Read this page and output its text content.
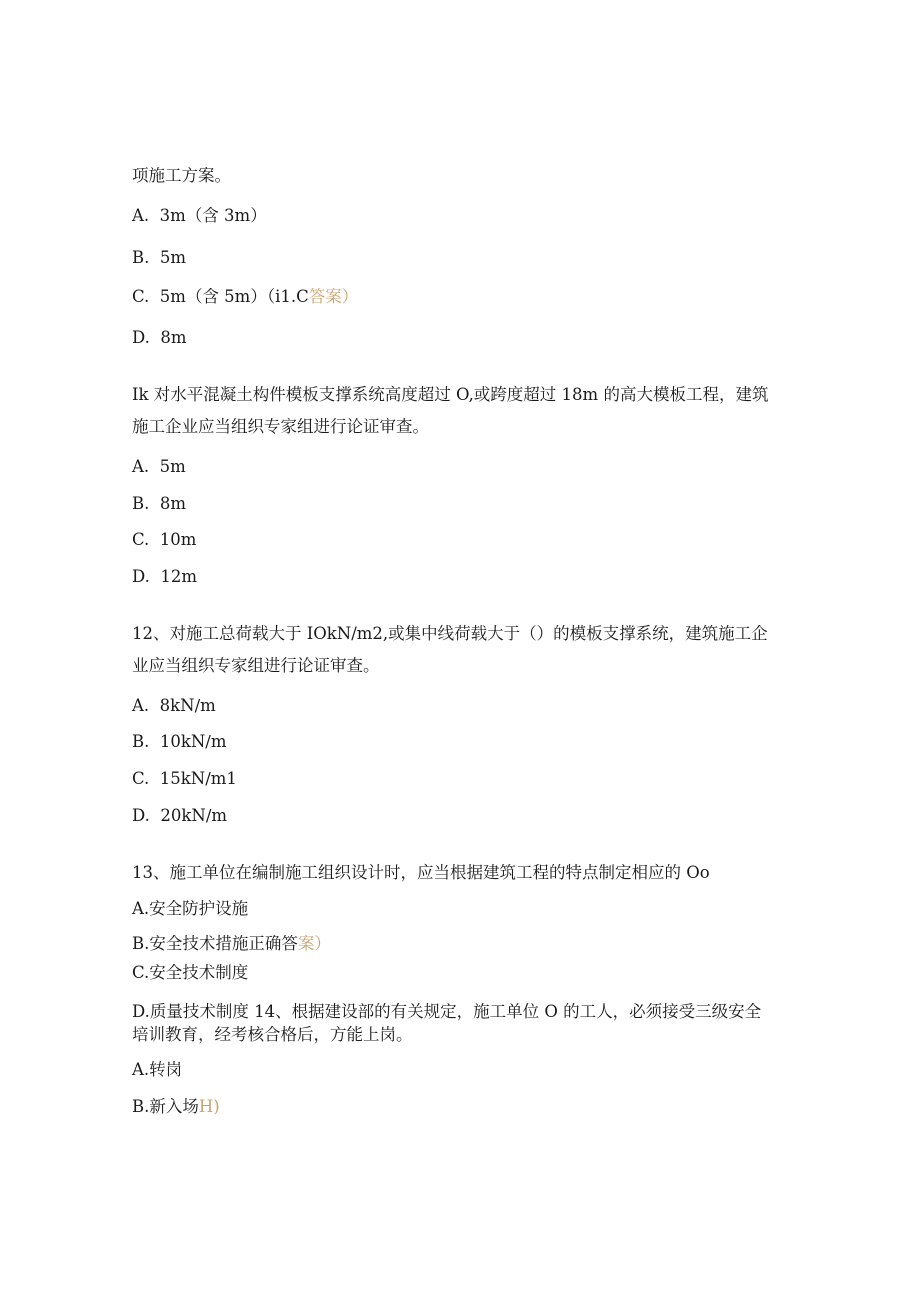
项施工方案。

A. 3m（含 3m）

B. 5m

C. 5m（含 5m）（i1.C答案）

D. 8m

Ik 对水平混凝土构件模板支撑系统高度超过 O,或跨度超过 18m 的高大模板工程，建筑

施工企业应当组织专家组进行论证审查。

A. 5m

B. 8m

C. 10m

D. 12m

12、对施工总荷载大于 IOkN/m2,或集中线荷载大于（）的模板支撑系统，建筑施工企

业应当组织专家组进行论证审查。

A. 8kN∕m

B. 10kN∕m

C. 15kN∕m1

D. 20kN∕m

13、施工单位在编制施工组织设计时，应当根据建筑工程的特点制定相应的 Oo

A.安全防护设施

B.安全技术措施正确答案）

C.安全技术制度

D.质量技术制度 14、根据建设部的有关规定，施工单位 O 的工人，必须接受三级安全

培训教育，经考核合格后，方能上岗。

A.转岗

B.新入场H)
